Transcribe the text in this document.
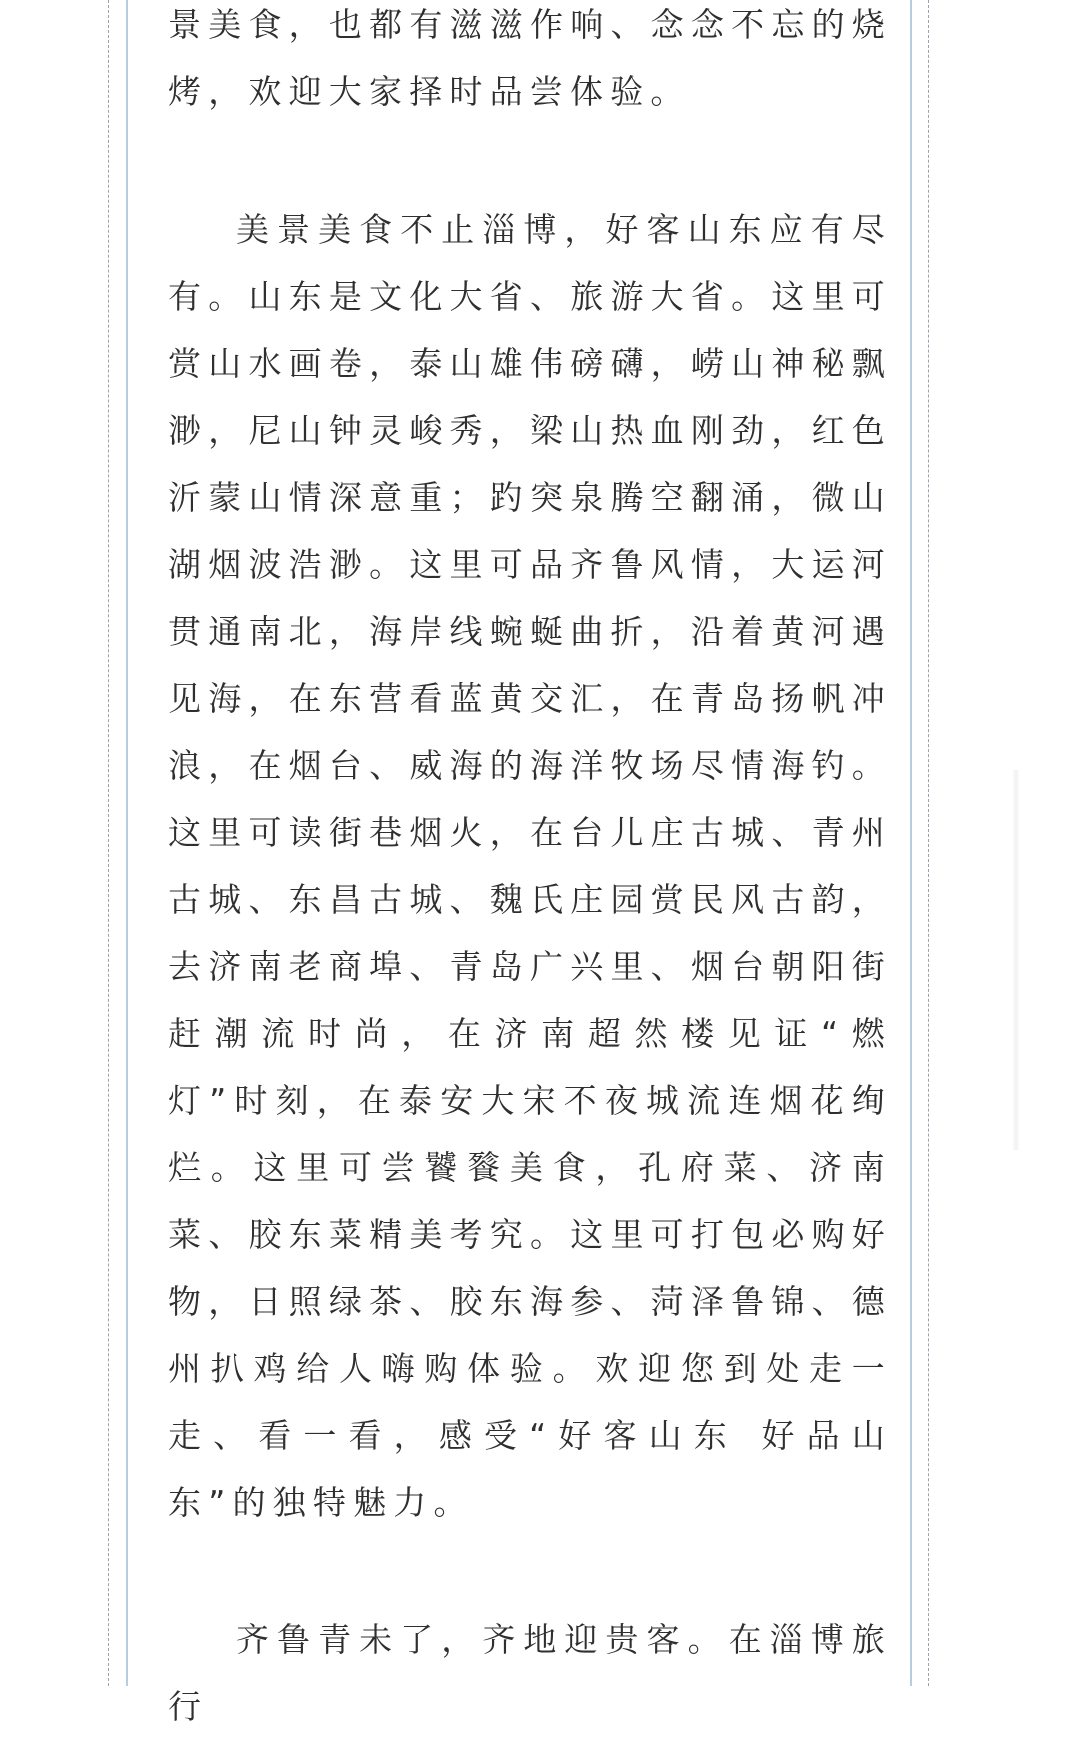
景美食，也都有滋滋作响、念念不忘的烧烤，欢迎大家择时品尝体验。

美景美食不止淄博，好客山东应有尽有。山东是文化大省、旅游大省。这里可赏山水画卷，泰山雄伟磅礴，崂山神秘飘渺，尼山钟灵峻秀，梁山热血刚劲，红色沂蒙山情深意重；趵突泉腾空翻涌，微山湖烟波浩渺。这里可品齐鲁风情，大运河贯通南北，海岸线蜿蜒曲折，沿着黄河遇见海，在东营看蓝黄交汇，在青岛扬帆冲浪，在烟台、威海的海洋牧场尽情海钓。这里可读街巷烟火，在台儿庄古城、青州古城、东昌古城、魏氏庄园赏民风古韵，去济南老商埠、青岛广兴里、烟台朝阳街赶潮流时尚，在济南超然楼见证“燃灯”时刻，在泰安大宋不夜城流连烟花绚烂。这里可尝饕餮美食，孔府菜、济南菜、胶东菜精美考究。这里可打包必购好物，日照绿茶、胶东海参、菏泽鲁锦、德州扒鸡给人嗨购体验。欢迎您到处走一走、看一看，感受“好客山东 好品山东”的独特魅力。

齐鲁青未了，齐地迎贵客。在淄博旅行
